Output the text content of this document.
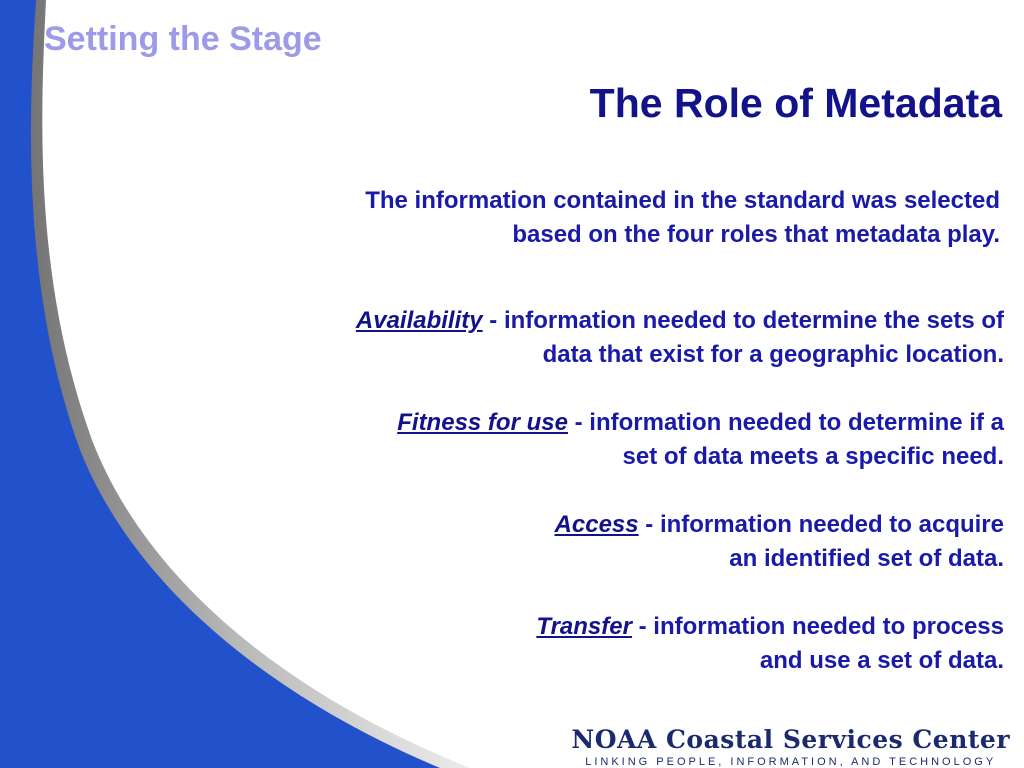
Setting the Stage
The Role of Metadata
The information contained in the standard was selected
based on the four roles that metadata play.
Availability - information needed to determine the sets of
data that exist for a geographic location.
Fitness for use - information needed to determine if a
set of data meets a specific need.
Access - information needed to acquire
an identified set of data.
Transfer - information needed to process
and use a set of data.
NOAA Coastal Services Center
LINKING PEOPLE, INFORMATION, AND TECHNOLOGY
